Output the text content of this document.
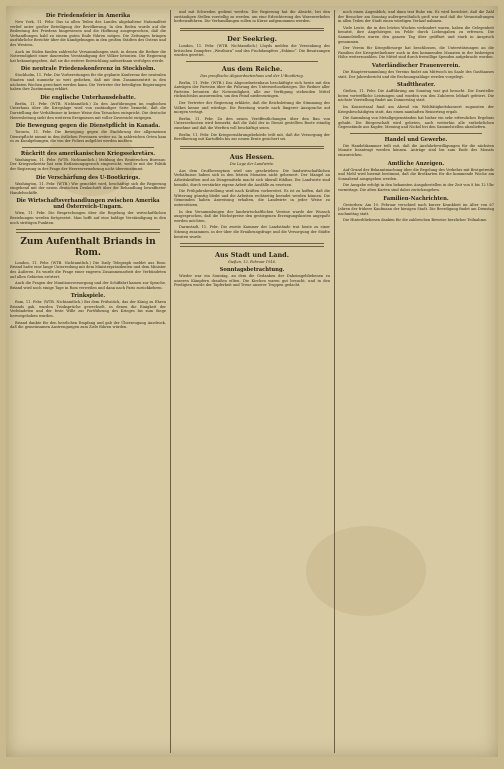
Die Friedensfeier in Amerika

New York, 11. Febr. Das in allen Teilen des Landes abgehaltene Nationalfest verlief unter großer Beteiligung der Bevölkerung. In den Reden wurde auf die Bedeutung des Friedens hingewiesen und die Hoffnung ausgesprochen, daß die Verhandlungen bald zu einem guten Ende führen mögen. Die Zeitungen bringen ausführliche Berichte über die Kundgebungen in den großen Städten des Ostens und des Westens.

Auch im Süden fanden zahlreiche Versammlungen statt, in denen die Redner die Notwendigkeit einer dauernden Verständigung der Völker betonten. Die Regierung hat bekanntgegeben, daß sie die weitere Entwicklung aufmerksam verfolgen werde.

Die neutrale Friedenskonferenz in Stockholm.

Stockholm, 11. Febr. Die Vorbereitungen für die geplante Konferenz der neutralen Staaten sind nunmehr so weit gediehen, daß mit dem Zusammentritt in den nächsten Wochen gerechnet werden kann. Die Vertreter der beteiligten Regierungen haben ihre Zustimmung erklärt.

Die englische Unterhausdebatte.

Berlin, 11. Febr. (WTB. Nichtamtlich.) Zu den Ausführungen im englischen Unterhaus über die Kriegslage wird von zuständiger Seite bemerkt, daß die Darstellung der Verhältnisse in keiner Weise den Tatsachen entspricht. Die deutsche Heeresleitung sieht den weiteren Ereignissen mit voller Zuversicht entgegen.

Die Bewegung gegen die Dienstpflicht in Kanada.

Toronto, 11. Febr. Die Bewegung gegen die Einführung der allgemeinen Dienstpflicht nimmt in den östlichen Provinzen weiter zu. In zahlreichen Orten kam es zu Kundgebungen, die von der Polizei aufgelöst werden mußten.

Rückritt des amerikanischen Kriegssekretärs.

Washington, 11. Febr. (WTB. Nichtamtlich.) Meldung des Reuterschen Bureaus: Der Kriegssekretär hat sein Entlassungsgesuch eingereicht, weil er mit der Politik der Regierung in der Frage der Heeresvermehrung nicht übereinstimmt.

Die Verschärfung des U-Bootkriegs.

Washington, 11. Febr. (WTB.) Wie gemeldet wird, beschäftigt sich die Regierung eingehend mit der neuen deutschen Denkschrift über die Behandlung bewaffneter Handelsschiffe.

Die Wirtschaftsverhandlungen zwischen Amerika und Österreich-Ungarn.

Wien, 11. Febr. Die Besprechungen über die Regelung der wirtschaftlichen Beziehungen werden fortgesetzt. Man hofft auf eine baldige Verständigung in den noch strittigen Punkten.

Zum Aufenthalt Briands in Rom.

London, 11. Febr. (WTB. Nichtamtlich.) Die Daily Telegraph meldet aus Rom: Briand hatte eine lange Unterredung mit dem Ministerpräsidenten und dem Minister des Äußeren. Es wurde die Frage einer engeren Zusammenarbeit der Verbündeten auf allen Gebieten erörtert.

Auch die Fragen der Munitionsversorgung und der Schiffahrt kamen zur Sprache. Briand wird noch einige Tage in Rom verweilen und dann nach Paris zurückkehren.

Trinkspiele.

Rom, 11. Febr. (WTB. Nichtamtlich.) Bei dem Frühstück, das der König zu Ehren Briands gab, wurden Trinksprüche gewechselt, in denen die Einigkeit der Verbündeten und der feste Wille zur Fortführung des Krieges bis zum Siege hervorgehoben wurden.

Briand dankte für den herzlichen Empfang und gab der Überzeugung Ausdruck, daß die gemeinsamen Anstrengungen zum Ziele führen würden.

und mit Schweden gedient werden. Die Regierung hat die Absicht, bei den zuständigen Stellen vorstellig zu werden, um eine Erleichterung des Warenverkehrs herbeizuführen. Die Verhandlungen sollen in Kürze aufgenommen werden.

Der Seekrieg.

London, 11. Febr. (WTB. Nichtamtlich.) Lloyds melden die Versenkung des britischen Dampfers „Westburn“ und des Fischdampfers „Eskimo“. Die Besatzungen wurden gerettet.

Aus dem Reiche.
Das preußische Abgeordnetenhaus und der U-Bootkrieg.

Berlin, 11. Febr. (WTB.) Das Abgeordnetenhaus beschäftigte sich heute mit den Anträgen der Parteien über die Führung des Unterseebootkrieges. Die Redner aller Parteien betonten die Notwendigkeit, alle zur Verfügung stehenden Mittel rücksichtslos anzuwenden, um den Feind niederzuringen.

Der Vertreter der Regierung erklärte, daß die Reichsleitung die Stimmung des Volkes kenne und würdige. Die Beratung wurde nach längerer Aussprache auf morgen vertagt.

Berlin, 11. Febr. Zu den neuen Veröffentlichungen über den Bau von Unterseebooten wird bemerkt, daß die Zahl der in Dienst gestellten Boote ständig zunehme und daß die Werften voll beschäftigt seien.

Berlin, 11. Febr. Die Kriegsernährungsbehörde teilt mit, daß die Versorgung der Bevölkerung mit Kartoffeln bis zur neuen Ernte gesichert sei.

Aus Hessen.
Die Lage der Landwirte.

Aus dem Großherzogtum wird uns geschrieben: Die landwirtschaftlichen Verhältnisse haben sich in den letzten Monaten nicht gebessert. Der Mangel an Arbeitskräften und an Düngemitteln macht sich überall fühlbar. Die Landwirte sind bemüht, durch verstärkte eigene Arbeit die Ausfälle zu ersetzen.

Die Frühjahrsbestellung wird nach Kräften vorbereitet. Es ist zu hoffen, daß die Witterung günstig bleibt und die Arbeiten rechtzeitig beendet werden können. Die Gemeinden haben Anweisung erhalten, die Landwirte in jeder Weise zu unterstützen.

In den Versammlungen der landwirtschaftlichen Vereine wurde der Wunsch ausgesprochen, daß die Höchstpreise den gestiegenen Erzeugungskosten angepaßt werden möchten.

Darmstadt, 11. Febr. Die zweite Kammer der Landstände trat heute zu einer Sitzung zusammen, in der über die Ernährungsfrage und die Versorgung der Städte beraten wurde.

Aus Stadt und Land.
Gießen, 12. Februar 1916.
Sonntagsbetrachtung.

Wieder war ein Sonntag, an dem die Gedanken der Daheimgebliebenen zu unseren Kämpfern draußen eilten. Die Kirchen waren gut besucht, und in den Predigten wurde der Tapferkeit und Treue unserer Truppen gedacht.

noch einen Augenblick, und dann trat Ruhe ein. Es wird berichtet, daß die Zahl der Besucher am Sonntag außergewöhnlich groß war und daß die Veranstaltungen in allen Teilen der Stadt einen würdigen Verlauf nahmen.

Viele Leute, die in den letzten Wochen verhindert waren, haben die Gelegenheit benutzt, ihre Angehörigen im Felde durch Liebesgaben zu erfreuen. Die Sammelstellen waren den ganzen Tag über geöffnet und stark in Anspruch genommen.

Der Verein für Kriegsfürsorge hat beschlossen, die Unterstützungen an die Familien der Kriegsteilnehmer auch in den kommenden Monaten in der bisherigen Höhe weiterzuzahlen. Die Mittel sind durch freiwillige Spenden aufgebracht worden.

Vaterländischer Frauenverein.

Die Hauptversammlung des Vereins findet am Mittwoch im Saale des Gasthauses statt. Der Jahresbericht und die Rechnungsablage werden vorgelegt.

Stadttheater.

Gießen, 11. Febr. Die Aufführung am Sonntag war gut besucht. Die Darsteller boten vortreffliche Leistungen und wurden von den Zuhörern lebhaft gefeiert. Die nächste Vorstellung findet am Donnerstag statt.

Im Konzertsaal fand am Abend ein Wohltätigkeitskonzert zugunsten der Kriegsbeschädigten statt, das einen namhaften Reinertrag ergab.

Die Sammlung von Metallgegenständen hat bisher ein sehr erfreuliches Ergebnis gehabt. Die Bürgerschaft wird gebeten, auch weiterhin alle entbehrlichen Gegenstände aus Kupfer, Messing und Nickel bei den Sammelstellen abzuliefern.

Handel und Gewerbe.

Die Handelskammer teilt mit, daß die Ausfuhrbewilligungen für die nächsten Monate beantragt werden können. Anträge sind bis zum Ende des Monats einzureichen.

Amtliche Anzeigen.

Auf Grund der Bekanntmachung über die Regelung des Verkehrs mit Brotgetreide und Mehl wird hiermit bestimmt, daß die Brotkarten für die kommende Woche am Sonnabend ausgegeben werden.

Die Ausgabe erfolgt in den bekannten Ausgabestellen in der Zeit von 8 bis 12 Uhr vormittags. Die alten Karten sind dabei zurückzugeben.

Familien-Nachrichten.

Gestorben: Am 10. Februar verschied nach kurzer Krankheit im Alter von 67 Jahren der frühere Kaufmann der hiesigen Stadt. Die Beerdigung findet am Dienstag nachmittag statt.

Die Hinterbliebenen danken für die zahlreichen Beweise herzlicher Teilnahme.
